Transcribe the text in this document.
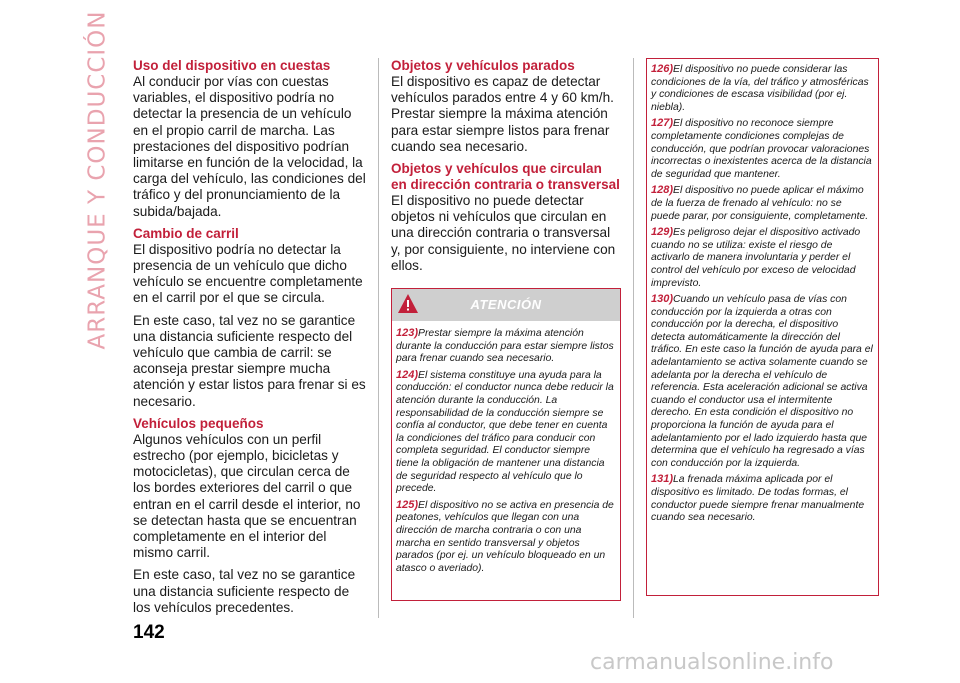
ARRANQUE Y CONDUCCIÓN Uso del dispositivo en cuestas

Al conducir por vías con cuestas variables, el dispositivo podría no detectar la presencia de un vehículo en el propio carril de marcha. Las prestaciones del dispositivo podrían limitarse en función de la velocidad, la carga del vehículo, las condiciones del tráfico y del pronunciamiento de la subida/bajada.

Cambio de carril

El dispositivo podría no detectar la presencia de un vehículo que dicho vehículo se encuentre completamente en el carril por el que se circula.

En este caso, tal vez no se garantice una distancia suficiente respecto del vehículo que cambia de carril: se aconseja prestar siempre mucha atención y estar listos para frenar si es necesario.

Vehículos pequeños

Algunos vehículos con un perfil estrecho (por ejemplo, bicicletas y motocicletas), que circulan cerca de los bordes exteriores del carril o que entran en el carril desde el interior, no se detectan hasta que se encuentran completamente en el interior del mismo carril.

En este caso, tal vez no se garantice una distancia suficiente respecto de los vehículos precedentes.

Objetos y vehículos parados

El dispositivo es capaz de detectar vehículos parados entre 4 y 60 km/h. Prestar siempre la máxima atención para estar siempre listos para frenar cuando sea necesario.

Objetos y vehículos que circulan en dirección contraria o transversal

El dispositivo no puede detectar objetos ni vehículos que circulan en una dirección contraria o transversal y, por consiguiente, no interviene con ellos.

ATENCIÓN

123)Prestar siempre la máxima atención durante la conducción para estar siempre listos para frenar cuando sea necesario.

124)El sistema constituye una ayuda para la conducción: el conductor nunca debe reducir la atención durante la conducción. La responsabilidad de la conducción siempre se confía al conductor, que debe tener en cuenta la condiciones del tráfico para conducir con completa seguridad. El conductor siempre tiene la obligación de mantener una distancia de seguridad respecto al vehículo que lo precede.

125)El dispositivo no se activa en presencia de peatones, vehículos que llegan con una dirección de marcha contraria o con una marcha en sentido transversal y objetos parados (por ej. un vehículo bloqueado en un atasco o averiado).

126)El dispositivo no puede considerar las condiciones de la vía, del tráfico y atmosféricas y condiciones de escasa visibilidad (por ej. niebla).

127)El dispositivo no reconoce siempre completamente condiciones complejas de conducción, que podrían provocar valoraciones incorrectas o inexistentes acerca de la distancia de seguridad que mantener.

128)El dispositivo no puede aplicar el máximo de la fuerza de frenado al vehículo: no se puede parar, por consiguiente, completamente.

129)Es peligroso dejar el dispositivo activado cuando no se utiliza: existe el riesgo de activarlo de manera involuntaria y perder el control del vehículo por exceso de velocidad imprevisto.

130)Cuando un vehículo pasa de vías con conducción por la izquierda a otras con conducción por la derecha, el dispositivo detecta automáticamente la dirección del tráfico. En este caso la función de ayuda para el adelantamiento se activa solamente cuando se adelanta por la derecha el vehículo de referencia. Esta aceleración adicional se activa cuando el conductor usa el intermitente derecho. En esta condición el dispositivo no proporciona la función de ayuda para el adelantamiento por el lado izquierdo hasta que determina que el vehículo ha regresado a vías con conducción por la izquierda.

131)La frenada máxima aplicada por el dispositivo es limitado. De todas formas, el conductor puede siempre frenar manualmente cuando sea necesario.

142
carmanualsonline.info
